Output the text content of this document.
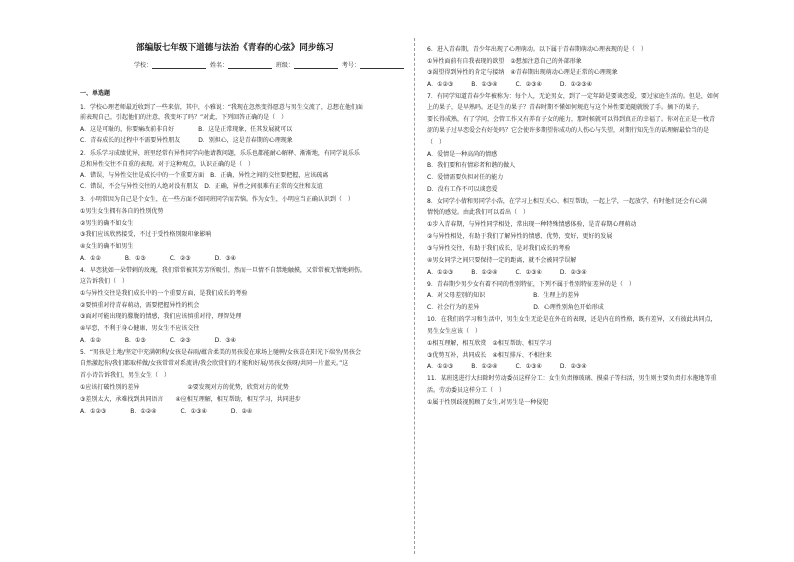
部编版七年级下道德与法治《青春的心弦》同步练习
学校：	姓名：	班级：	考号：
一、单选题
1．学校心理老师最近收到了一些来信，其中，小雅说：“我现在忽然变得愿意与男生交流了，总想在他们面
前表现自己，引起他们的注意，我变坏了吗？”对此，下列回答正确的是（　）
A．这是可耻的，你要痛改前非自好　　　　B．这是正常现象，任其发展就可以
C．青春成长的过程中不需要异性朋友　　　D．别担心，这是青春期的心理现象
2．乐乐学习成绩优异，班里经常有异性同学向他请教问题，乐乐也都能耐心解释、渐渐地，有同学说乐乐
总和异性交往不自重的表现。对于这种观点，认识正确的是（　）
A．错误，与异性交往是成长中的一个重要方面　B．正确，异性之间的交往要把握，应该疏离
C．错误，不会与异性交往的人绝对没有朋友　D．正确，异性之间很难有正常的交往和友谊
3．小明常因为自己是个女生，在一些方面不如同班同学而苦恼。作为女生，小明应当正确认识到（　）
①男生女生拥有各自的性别优势
②男生的确不如女生
③我们应该欣然接受，不过于受性格别限印象影响
④女生的确不如男生
A．①②　　　　B．①③　　　　C．②③　　　　D．③④
4．早恋犹如一朵带刺的玫瑰，我们常常被其芳芳所吸引，然而一旦情不自禁地触摸，又常常被无情地刺伤。
这告诉我们（　）
①与异性交往是我们成长中的一个重要方面，是我们成长的考验
②要慎重对待青春萌动，需要把握异性的机会
③面对可能出现的朦胧的情感，我们应该慎重对待，理智处理
④早恋，不利于身心健康，男女生不应该交往
A．①②　　　　B．①③　　　　C．②③　　　　D．③④
5．“男孩是土地/坚定中充满朝利/女孩是春雨/蕴含柔美的男孩爱在球场上驰骋/女孩喜在阳光下端坐/男孩会
自然激起你/我们都取样做/女孩常常对系流讲/我会欣赏们的才能和好展/男孩女孩呀/共同一片蓝天。”这
首小诗告诉我们，男生女生（　）
①应该打破性别的差异　　　　　　　　②要发现对方的优势，欣赏对方的优势
③差别太大，承难找到共同语言　　④应相互理解，相互帮助，相互学习，共同进步
A．①②③　　　　B．①②④　　　　C．①③④　　　　D．②④
6．进入青春期，青少年出现了心理萌动。以下属于青春期萌动心理表现的是（　）
①异性面前有自我表现的欲望　②想加注意自己的外部形象
③渴望得到异性的肯定与接纳　④青春期出现萌动心理是正常的心理现象
A．①②③　　　B．①③④　　　C．②③④　　　D．①②③④
7．有同学知道青春少年被称为：每个人，无论男女，到了一定年龄是要谈恋爱，要过家庭生活的。但是，如何
上的果子，是早熟吗。还是生的果子？青春时期不懂如何规范与这个异性要追随就脱了手。摘下的果子，
要长得成熟，有了学问，会管工作又有养育子女的能力，那时候就可以得到真正的幸福了。你对在正是一枚青
涩的果子过早恋爱会有好处吗？它会使许多期望你成功的人伤心与失望，对期行知先生的话理解最恰当的是
（　）
A．爱情是一种高尚的情感
B．我们要和有情彩者和谐的做人
C．爱情需要负担对任的能力
D．没有工作不可以谈恋爱
8．女同学小倩和男同学小浩，在学习上相互关心、相互帮助，一起上学，一起放学，有时他们还会有心满
情悦的感觉。由此我们可以看出（　）
①步入青春期，与异性同学相处，常出现一种特殊情感体验，是青春期心理萌动
②与异性相处，有助于我们了解异性的情感、优势，变好，更好的发展
③与异性交往，有助于我们成长，是对我们成长的考验
④男女同学之间只要保持一定的距离，就不会被同学误解
A．①②③　　　B．①②④　　　C．①③④　　　D．②③④
9．青春期少男少女有着不同的性别特征，下列不属于性别特征差异的是（　）
A．对父母差别的知识　　　　　　　　B．生理上的差异
C．社会行为的差异　　　　　　　　　D．心理性别角色开始形成
10．在我们的学习和生活中，男生女生无论是在外在的表现，还是内在的性格，既有差异，又有彼此共同点，
男生女生应该（　）
①相互理解，相互欣赏　②相互帮助、相互学习
③优势互补，共同成长　④相互排斥、不相往来
A．①②③　　　B．①②④　　　C．①③④　　　D．②③④
11．某班选进行大扫除时劳动委员这样分工：女生负责擦玻璃、摸桌子等扫活，男生则主要负责打水拖地等重
活。劳动委员这样分工（　）
①属于性别歧视照顾了女生,对男生是一种侵犯
